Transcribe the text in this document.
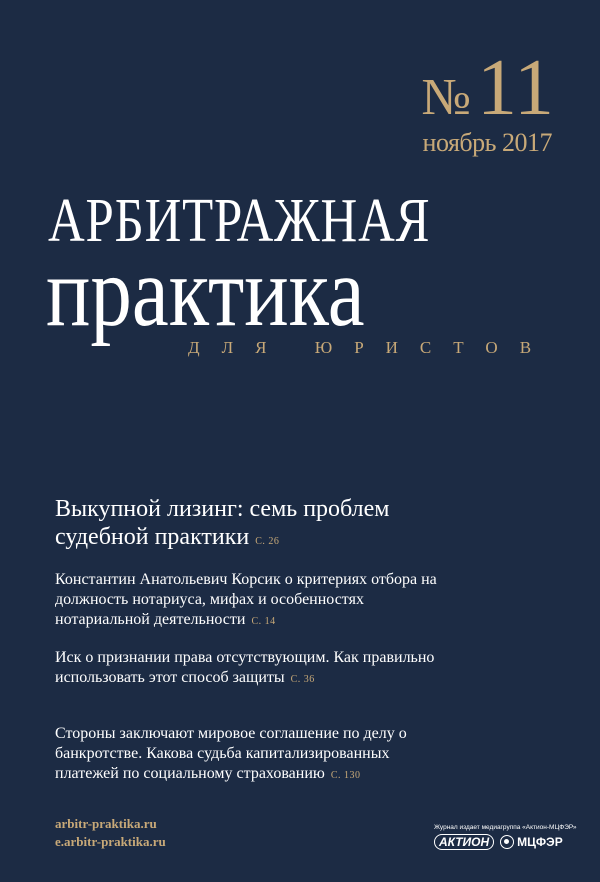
№11
ноябрь 2017
АРБИТРАЖНАЯ
практика
ДЛЯ ЮРИСТОВ
Выкупной лизинг: семь проблем судебной практики С. 26
Константин Анатольевич Корсик о критериях отбора на должность нотариуса, мифах и особенностях нотариальной деятельности С. 14
Иск о признании права отсутствующим. Как правильно использовать этот способ защиты С. 36
Стороны заключают мировое соглашение по делу о банкротстве. Какова судьба капитализированных платежей по социальному страхованию С. 130
arbitr-praktika.ru
e.arbitr-praktika.ru
Журнал издает медиагруппа «Актион-МЦФЭР»
АКТИОН	МЦФЭР
